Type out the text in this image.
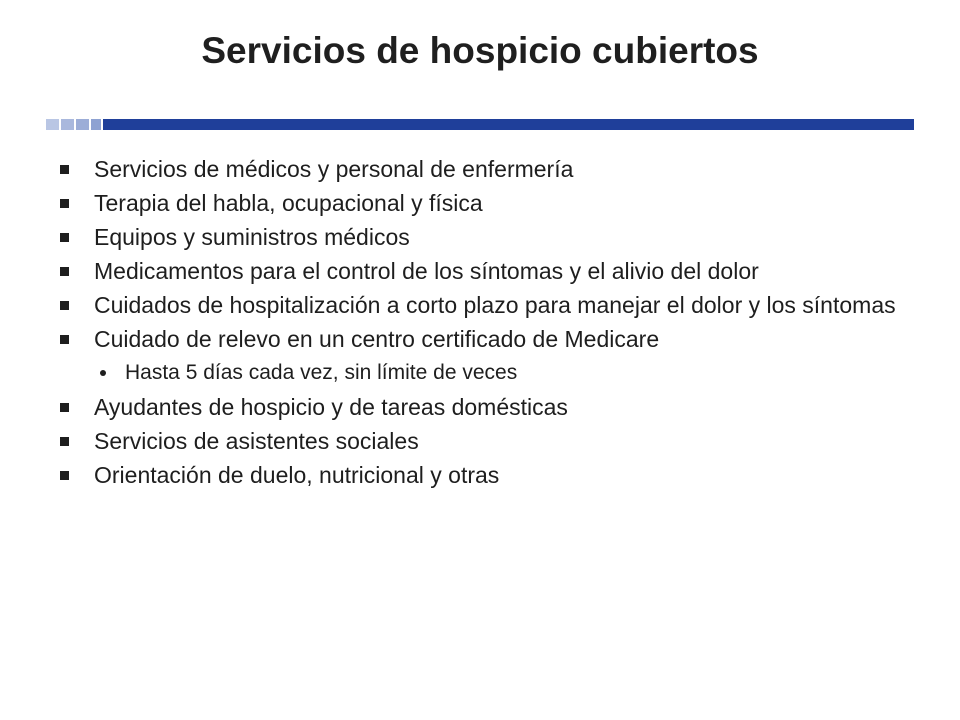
Servicios de hospicio cubiertos
Servicios de médicos y personal de enfermería
Terapia del habla, ocupacional y física
Equipos y suministros médicos
Medicamentos para el control de los síntomas y el alivio del dolor
Cuidados de hospitalización a corto plazo para manejar el dolor y los síntomas
Cuidado de relevo en un centro certificado de Medicare
Hasta 5 días cada vez, sin límite de veces
Ayudantes de hospicio y de tareas domésticas
Servicios de asistentes sociales
Orientación de duelo, nutricional y otras
